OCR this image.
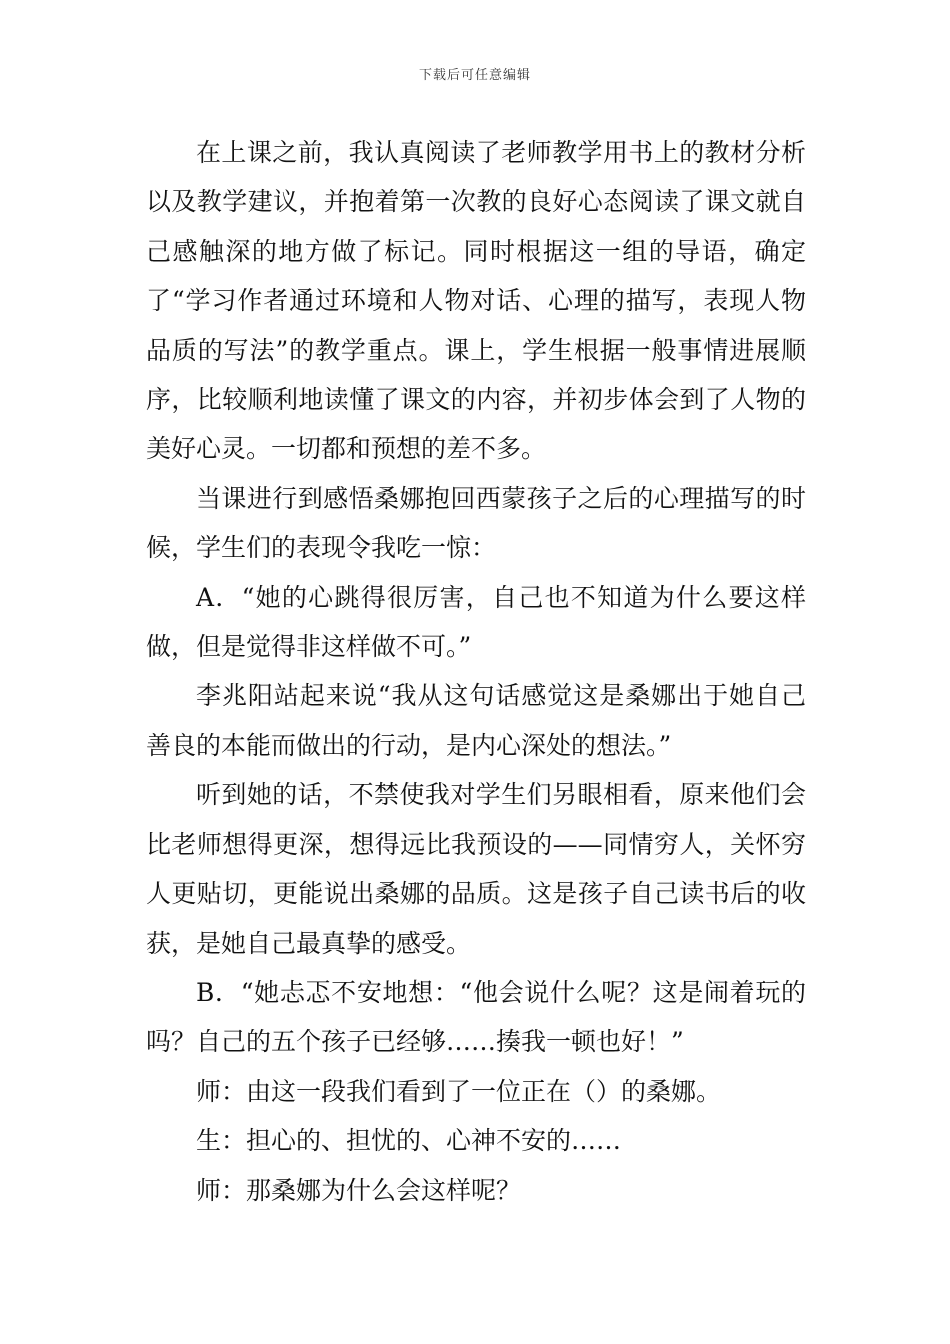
下载后可任意编辑

在上课之前，我认真阅读了老师教学用书上的教材分析以及教学建议，并抱着第一次教的良好心态阅读了课文就自己感触深的地方做了标记。同时根据这一组的导语，确定了“学习作者通过环境和人物对话、心理的描写，表现人物品质的写法”的教学重点。课上，学生根据一般事情进展顺序，比较顺利地读懂了课文的内容，并初步体会到了人物的美好心灵。一切都和预想的差不多。

当课进行到感悟桑娜抱回西蒙孩子之后的心理描写的时候，学生们的表现令我吃一惊：

A．“她的心跳得很厉害，自己也不知道为什么要这样做，但是觉得非这样做不可。”

李兆阳站起来说“我从这句话感觉这是桑娜出于她自己善良的本能而做出的行动，是内心深处的想法。”

听到她的话，不禁使我对学生们另眼相看，原来他们会比老师想得更深，想得远比我预设的——同情穷人，关怀穷人更贴切，更能说出桑娜的品质。这是孩子自己读书后的收获，是她自己最真挚的感受。

B．“她忐忑不安地想：“他会说什么呢？这是闹着玩的吗？自己的五个孩子已经够……揍我一顿也好！”

师：由这一段我们看到了一位正在（）的桑娜。

生：担心的、担忧的、心神不安的……

师：那桑娜为什么会这样呢？
